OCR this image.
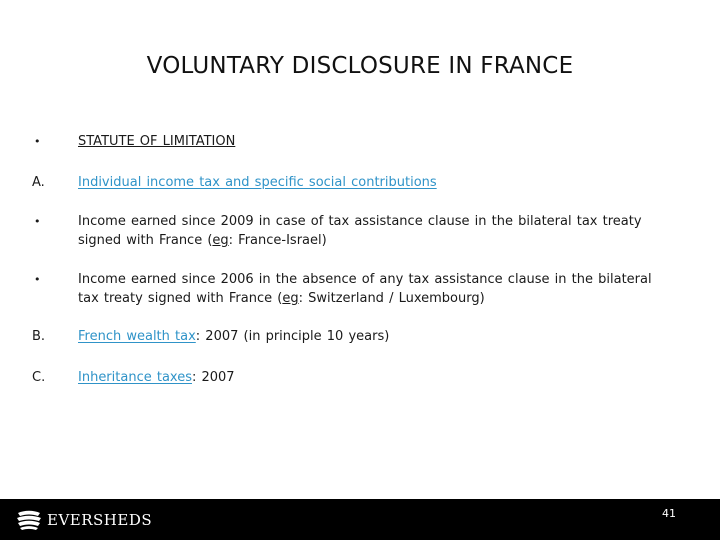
VOLUNTARY DISCLOSURE IN FRANCE
•	STATUTE OF LIMITATION
A.	Individual income tax and specific social contributions
•	Income earned since 2009 in case of tax assistance clause in the bilateral tax treaty signed with France (eg: France-Israel)
•	Income earned since 2006 in the absence of any tax assistance clause in the bilateral tax treaty signed with France (eg: Switzerland / Luxembourg)
B.	French wealth tax: 2007 (in principle 10 years)
C.	Inheritance taxes: 2007
EVERSHEDS	41
